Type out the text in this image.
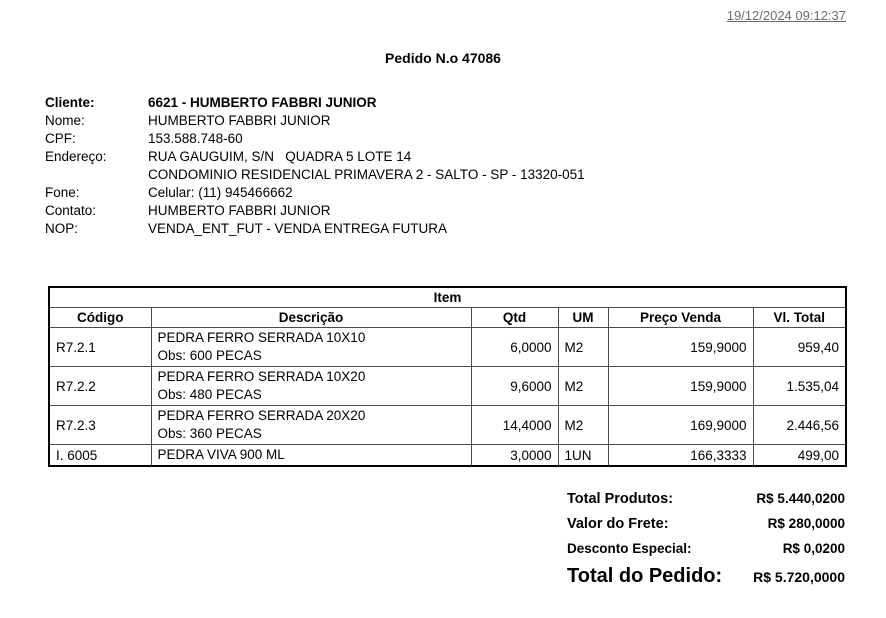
19/12/2024 09:12:37
Pedido N.o 47086
Cliente:	6621 - HUMBERTO FABBRI JUNIOR
Nome:	HUMBERTO FABBRI JUNIOR
CPF:	153.588.748-60
Endereço:	RUA GAUGUIM, S/N   QUADRA 5 LOTE 14
CONDOMINIO RESIDENCIAL PRIMAVERA 2 - SALTO - SP - 13320-051
Fone:	Celular: (11) 945466662
Contato:	HUMBERTO FABBRI JUNIOR
NOP:	VENDA_ENT_FUT - VENDA ENTREGA FUTURA
Item					
Código	Descrição	Qtd	UM	Preço Venda	Vl. Total
R7.2.1	PEDRA FERRO SERRADA 10X10
Obs: 600 PECAS	6,0000	M2	159,9000	959,40
R7.2.2	PEDRA FERRO SERRADA 10X20
Obs: 480 PECAS	9,6000	M2	159,9000	1.535,04
R7.2.3	PEDRA FERRO SERRADA 20X20
Obs: 360 PECAS	14,4000	M2	169,9000	2.446,56
I. 6005	PEDRA VIVA 900 ML	3,0000	1UN	166,3333	499,00
Total Produtos:	R$ 5.440,0200
Valor do Frete:	R$ 280,0000
Desconto Especial:	R$ 0,0200
Total do Pedido: R$ 5.720,0000
